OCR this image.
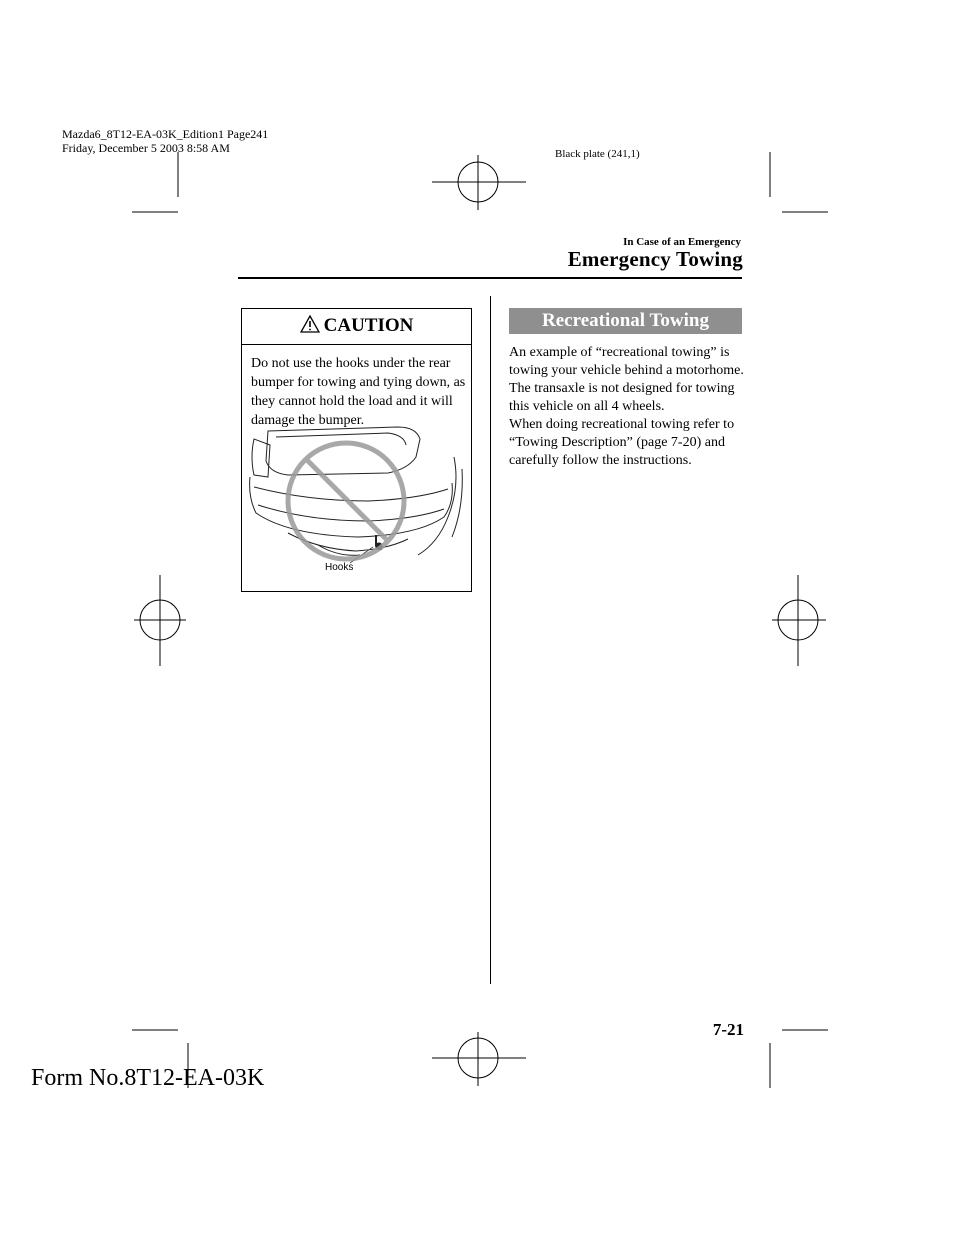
Mazda6_8T12-EA-03K_Edition1 Page241
Friday, December 5 2003 8:58 AM	Black plate (241,1)
In Case of an Emergency
Emergency Towing
CAUTION
Do not use the hooks under the rear bumper for towing and tying down, as they cannot hold the load and it will damage the bumper.
Hooks
Recreational Towing
An example of “recreational towing” is towing your vehicle behind a motorhome. The transaxle is not designed for towing this vehicle on all 4 wheels.
When doing recreational towing refer to “Towing Description” (page 7-20) and carefully follow the instructions.
7-21
Form No.8T12-EA-03K
